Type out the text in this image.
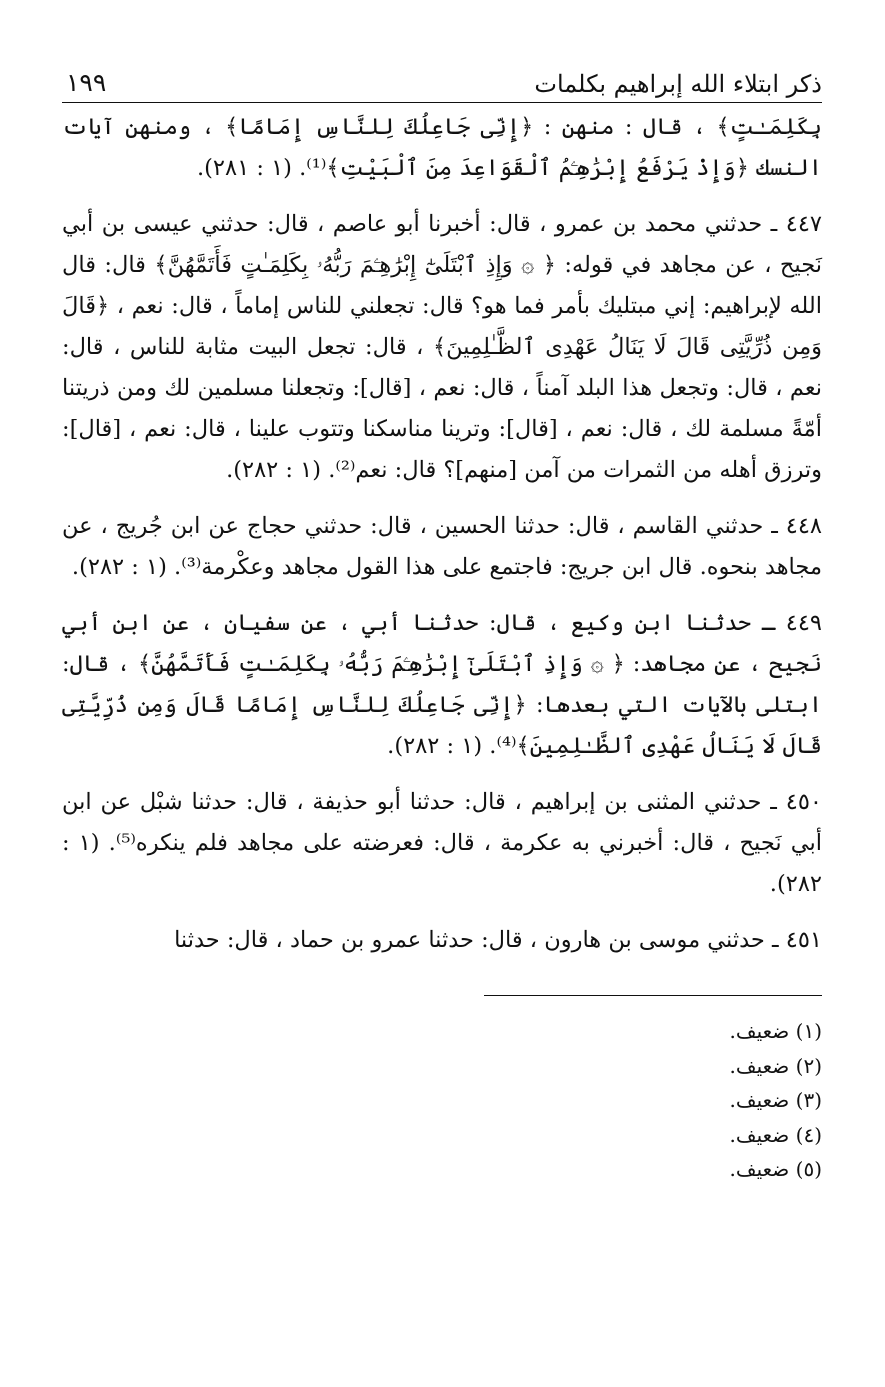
ذكر ابتلاء الله إبراهيم بكلمات
١٩٩

بِكَلِمَـٰتٍ﴾ ، قال : منهن : ﴿إِنِّى جَاعِلُكَ لِلنَّاسِ إِمَامًا﴾ ، ومنهن آيات النسك ﴿وَإِذْ يَرْفَعُ إِبْرَٰهِـۧمُ ٱلْقَوَاعِدَ مِنَ ٱلْبَيْتِ﴾⁽¹⁾. (١ : ٢٨١).

٤٤٧ ـ حدثني محمد بن عمرو ، قال: أخبرنا أبو عاصم ، قال: حدثني عيسى بن أبي نَجيح ، عن مجاهد في قوله: ﴿ ۞ وَإِذِ ٱبْتَلَىٰٓ إِبْرَٰهِـۧمَ رَبُّهُۥ بِكَلِمَـٰتٍ فَأَتَمَّهُنَّ﴾ قال: قال الله لإبراهيم: إني مبتليك بأمر فما هو؟ قال: تجعلني للناس إماماً ، قال: نعم ، ﴿قَالَ وَمِن ذُرِّيَّتِى قَالَ لَا يَنَالُ عَهْدِى ٱلظَّـٰلِمِينَ﴾ ، قال: تجعل البيت مثابة للناس ، قال: نعم ، قال: وتجعل هذا البلد آمناً ، قال: نعم ، [قال]: وتجعلنا مسلمين لك ومن ذريتنا أمّةً مسلمة لك ، قال: نعم ، [قال]: وترينا مناسكنا وتتوب علينا ، قال: نعم ، [قال]: وترزق أهله من الثمرات من آمن [منهم]؟ قال: نعم⁽²⁾. (١ : ٢٨٢).

٤٤٨ ـ حدثني القاسم ، قال: حدثنا الحسين ، قال: حدثني حجاج عن ابن جُريج ، عن مجاهد بنحوه. قال ابن جريج: فاجتمع على هذا القول مجاهد وعكْرمة⁽³⁾. (١ : ٢٨٢).

٤٤٩ ـ حدثنا ابن وكيع ، قال: حدثنا أبي ، عن سفيان ، عن ابن أبي نَجيح ، عن مجاهد: ﴿ ۞ وَإِذِ ٱبْتَلَىٰٓ إِبْرَٰهِـۧمَ رَبُّهُۥ بِكَلِمَـٰتٍ فَأَتَمَّهُنَّ﴾ ، قال: ابتلى بالآيات التي بعدها: ﴿إِنِّى جَاعِلُكَ لِلنَّاسِ إِمَامًا قَالَ وَمِن ذُرِّيَّتِى قَالَ لَا يَنَالُ عَهْدِى ٱلظَّـٰلِمِينَ﴾⁽⁴⁾. (١ : ٢٨٢).

٤٥٠ ـ حدثني المثنى بن إبراهيم ، قال: حدثنا أبو حذيفة ، قال: حدثنا شبْل عن ابن أبي نَجيح ، قال: أخبرني به عكرمة ، قال: فعرضته على مجاهد فلم ينكره⁽⁵⁾. (١ : ٢٨٢).

٤٥١ ـ حدثني موسى بن هارون ، قال: حدثنا عمرو بن حماد ، قال: حدثنا

(١) ضعيف.
(٢) ضعيف.
(٣) ضعيف.
(٤) ضعيف.
(٥) ضعيف.
